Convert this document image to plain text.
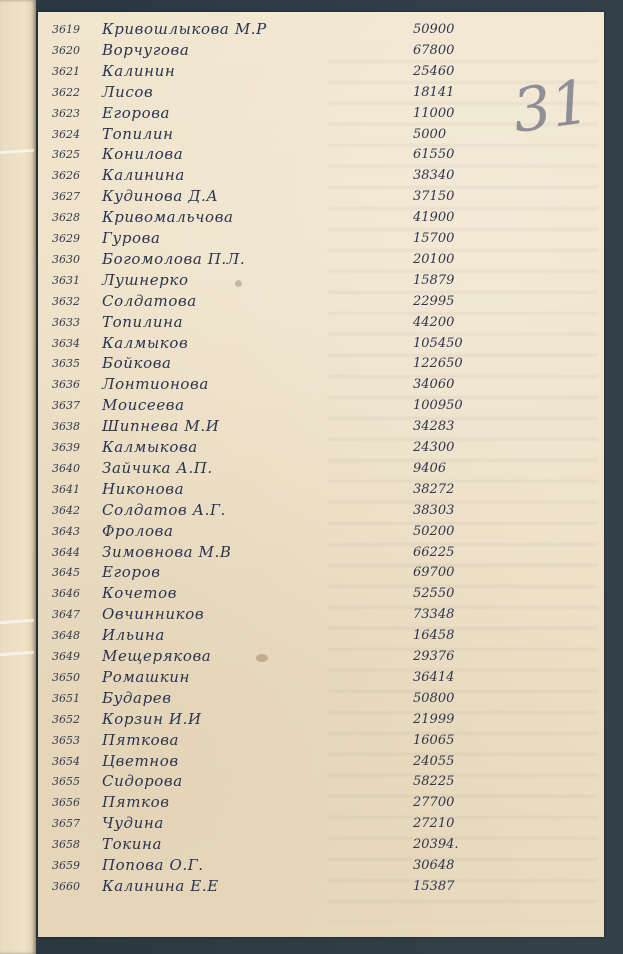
31
3619 Кривошлыкова М.Р	50900
3620 Ворчугова	67800
3621 Калинин	25460
3622 Лисов	18141
3623 Егорова	11000
3624 Топилин	5000
3625 Конилова	61550
3626 Калинина	38340
3627 Кудинова Д.А	37150
3628 Кривомальчова	41900
3629 Гурова	15700
3630 Богомолова П.Л.	20100
3631 Лушнерко	15879
3632 Солдатова	22995
3633 Топилина	44200
3634 Калмыков	105450
3635 Бойкова	122650
3636 Лонтионова	34060
3637 Моисеева	100950
3638 Шипнева М.И	34283
3639 Калмыкова	24300
3640 Зайчика А.П.	9406
3641 Никонова	38272
3642 Солдатов А.Г.	38303
3643 Фролова	50200
3644 Зимовнова М.В	66225
3645 Егоров	69700
3646 Кочетов	52550
3647 Овчинников	73348
3648 Ильина	16458
3649 Мещерякова	29376
3650 Ромашкин	36414
3651 Бударев	50800
3652 Корзин И.И	21999
3653 Пяткова	16065
3654 Цветнов	24055
3655 Сидорова	58225
3656 Пятков	27700
3657 Чудина	27210
3658 Токина	20394.
3659 Попова О.Г.	30648
3660 Калинина Е.Е	15387
